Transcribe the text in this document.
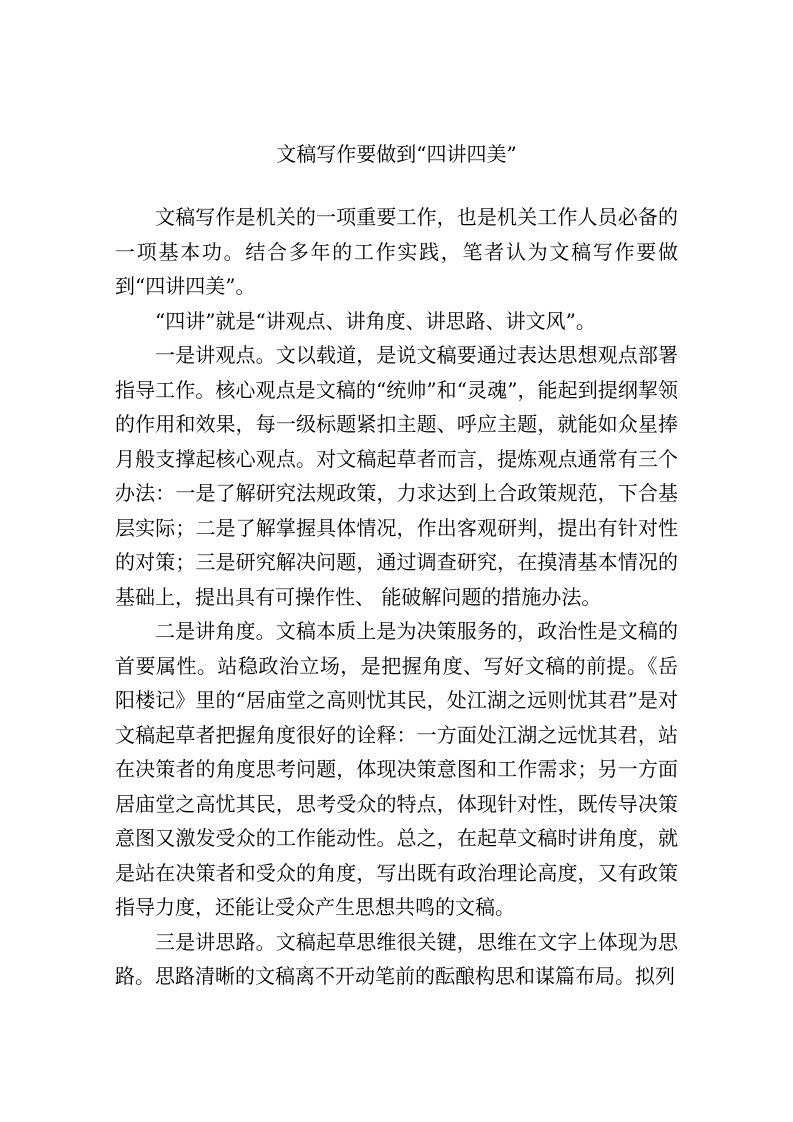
文稿写作要做到“四讲四美”

文稿写作是机关的一项重要工作，也是机关工作人员必备的一项基本功。结合多年的工作实践，笔者认为文稿写作要做到“四讲四美”。

“四讲”就是“讲观点、讲角度、讲思路、讲文风”。

一是讲观点。文以载道，是说文稿要通过表达思想观点部署指导工作。核心观点是文稿的“统帅”和“灵魂”，能起到提纲挈领的作用和效果，每一级标题紧扣主题、呼应主题，就能如众星捧月般支撑起核心观点。对文稿起草者而言，提炼观点通常有三个办法：一是了解研究法规政策，力求达到上合政策规范，下合基层实际；二是了解掌握具体情况，作出客观研判，提出有针对性的对策；三是研究解决问题，通过调查研究，在摸清基本情况的基础上，提出具有可操作性、 能破解问题的措施办法。

二是讲角度。文稿本质上是为决策服务的，政治性是文稿的首要属性。站稳政治立场，是把握角度、写好文稿的前提。《岳阳楼记》里的“居庙堂之高则忧其民，处江湖之远则忧其君”是对文稿起草者把握角度很好的诠释：一方面处江湖之远忧其君，站在决策者的角度思考问题，体现决策意图和工作需求；另一方面居庙堂之高忧其民，思考受众的特点，体现针对性，既传导决策意图又激发受众的工作能动性。总之，在起草文稿时讲角度，就是站在决策者和受众的角度，写出既有政治理论高度，又有政策指导力度，还能让受众产生思想共鸣的文稿。

三是讲思路。文稿起草思维很关键，思维在文字上体现为思路。思路清晰的文稿离不开动笔前的酝酿构思和谋篇布局。拟列
